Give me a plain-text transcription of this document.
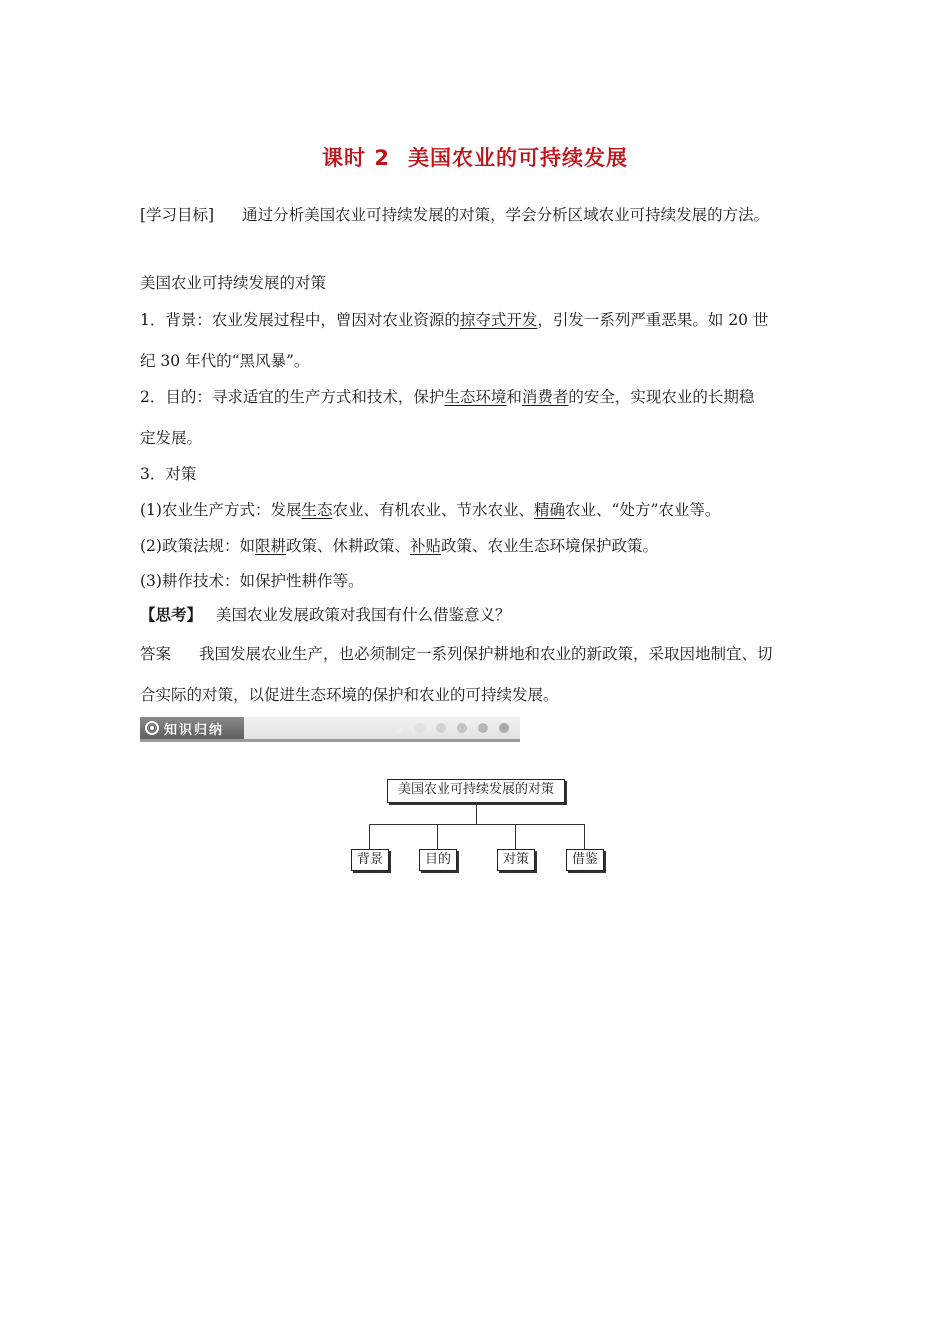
课时 2 美国农业的可持续发展
[学习目标] 通过分析美国农业可持续发展的对策，学会分析区域农业可持续发展的方法。
美国农业可持续发展的对策
1．背景：农业发展过程中，曾因对农业资源的掠夺式开发，引发一系列严重恶果。如 20 世
纪 30 年代的“黑风暴”。
2．目的：寻求适宜的生产方式和技术，保护生态环境和消费者的安全，实现农业的长期稳
定发展。
3．对策
(1)农业生产方式：发展生态农业、有机农业、节水农业、精确农业、“处方”农业等。
(2)政策法规：如限耕政策、休耕政策、补贴政策、农业生态环境保护政策。
(3)耕作技术：如保护性耕作等。
【思考】 美国农业发展政策对我国有什么借鉴意义？
答案 我国发展农业生产，也必须制定一系列保护耕地和农业的新政策，采取因地制宜、切
合实际的对策，以促进生态环境的保护和农业的可持续发展。
知识归纳
美国农业可持续发展的对策
背景	目的	对策	借鉴
